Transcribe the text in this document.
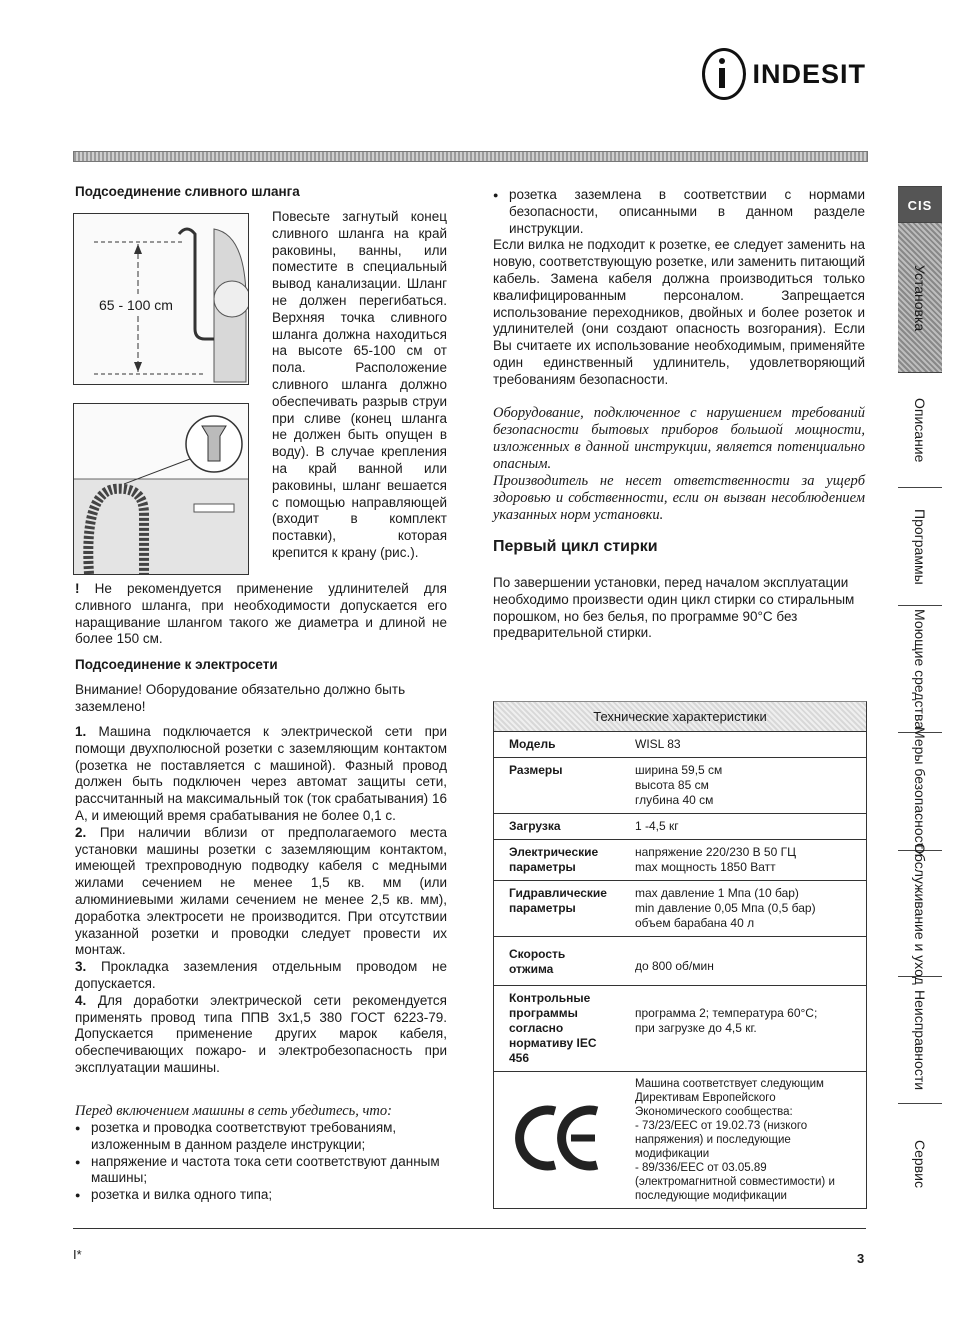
INDESIT
Подсоединение сливного шланга
65 - 100 cm
Повесьте загнутый конец сливного шланга на край раковины, ванны, или поместите в специальный вывод канализации. Шланг не должен перегибаться. Верхняя точка сливного шланга должна находиться на высоте 65-100 см от пола. Расположение сливного шланга должно обеспечивать разрыв струи при сливе (конец шланга не должен быть опущен в воду). В случае крепления на край ванной или раковины, шланг вешается с помощью направляющей (входит в комплект поставки), которая крепится к крану (рис.).
! Не рекомендуется применение удлинителей для сливного шланга, при необходимости допускается его наращивание шлангом такого же диаметра и длиной не более 150 см.
Подсоединение к электросети
Внимание! Оборудование обязательно должно быть заземлено!
1. Машина подключается к электрической сети при помощи двухполюсной розетки с заземляющим контактом (розетка не поставляется с машиной). Фазный провод должен быть подключен через автомат защиты сети, рассчитанный на максимальный ток (ток срабатывания) 16 А, и имеющий время срабатывания не более 0,1 с.
2. При наличии вблизи от предполагаемого места установки машины розетки с заземляющим контактом, имеющей трехпроводную подводку кабеля с медными жилами сечением не менее 1,5 кв. мм (или алюминиевыми жилами сечением не менее 2,5 кв. мм), доработка электросети не производится. При отсутствии указанной розетки и проводки следует провести их монтаж.
3. Прокладка заземления отдельным проводом не допускается.
4. Для доработки электрической сети рекомендуется применять провод типа ППВ 3х1,5 380 ГОСТ 6223-79. Допускается применение других марок кабеля, обеспечивающих пожаро- и электробезопасность при эксплуатации машины.
Перед включением машины в сеть убедитесь, что:
● розетка и проводка соответствуют требованиям, изложенным в данном разделе инструкции;
● напряжение и частота тока сети соответствуют данным машины;
● розетка и вилка одного типа;
● розетка заземлена в соответствии с нормами безопасности, описанными в данном разделе инструкции.
Если вилка не подходит к розетке, ее следует заменить на новую, соответствующую розетке, или заменить питающий кабель. Замена кабеля должна производиться только квалифицированным персоналом. Запрещается использование переходников, двойных и более розеток и удлинителей (они создают опасность возгорания). Если Вы считаете их использование необходимым, применяйте один единственный удлинитель, удовлетворяющий требованиям безопасности.
Оборудование, подключенное с нарушением требований безопасности бытовых приборов большой мощности, изложенных в данной инструкции, является потенциально опасным.
Производитель не несет ответственности за ущерб здоровью и собственности, если он вызван несоблюдением указанных норм установки.
Первый цикл стирки
По завершении установки, перед началом эксплуатации необходимо произвести один цикл стирки со стиральным порошком, но без белья, по программе 90°С без предварительной стирки.
Технические характеристики
Модель	WISL 83
Размеры	ширина 59,5 см
высота 85 см
глубина 40 см
Загрузка	1 -4,5 кг
Электрические параметры	напряжение 220/230 В 50 ГЦ
max мощность 1850 Ватт
Гидравлические параметры	max давление 1 Мпа (10 бар)
min давление 0,05 Мпа (0,5 бар)
объем барабана 40 л
Скорость отжима	до 800 об/мин
Контрольные программы согласно нормативу IEC 456	программа 2; температура 60°С;
при загрузке до 4,5 кг.
	Машина соответствует следующим Директивам Европейского Экономического сообщества:
- 73/23/EEC от 19.02.73 (низкого напряжения) и последующие модификации
- 89/336/EEC от 03.05.89 (электромагнитной совместимости) и последующие модификации
CIS
Установка
Описание
Программы
Моющие средства
Меры безопасности
Обслуживание и уход
Неисправности
Сервис
I*	3
